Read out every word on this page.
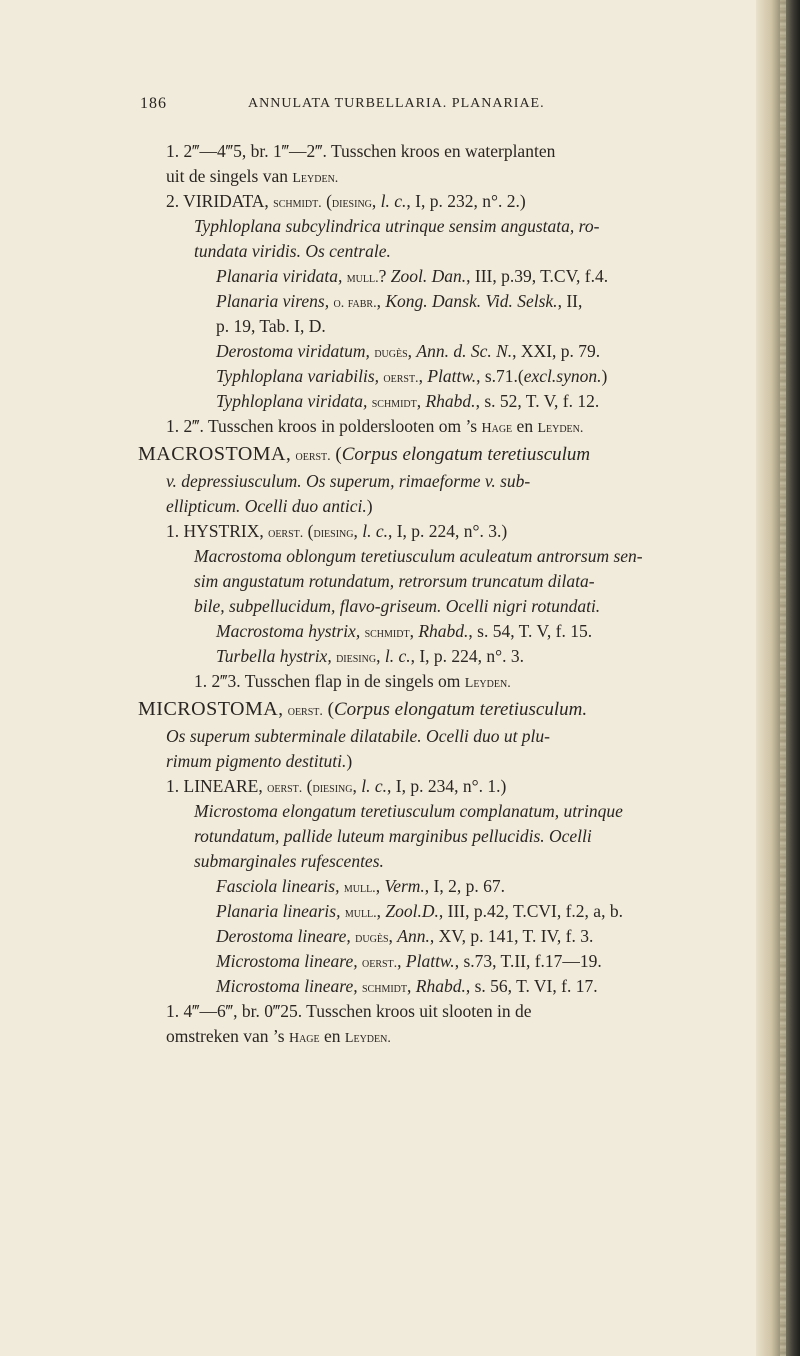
186	ANNULATA TURBELLARIA. PLANARIAE.
1. 2‴—4‴5, br. 1‴—2‴. Tusschen kroos en waterplanten
uit de singels van Leyden.
2. VIRIDATA, schmidt. (diesing, l. c., I, p. 232, n°. 2.)
Typhloplana subcylindrica utrinque sensim angustata, ro-
tundata viridis. Os centrale.
Planaria viridata, mull.? Zool. Dan., III, p.39, T.CV, f.4.
Planaria virens, o. fabr., Kong. Dansk. Vid. Selsk., II,
p. 19, Tab. I, D.
Derostoma viridatum, dugès, Ann. d. Sc. N., XXI, p. 79.
Typhloplana variabilis, oerst., Plattw., s.71.(excl.synon.)
Typhloplana viridata, schmidt, Rhabd., s. 52, T. V, f. 12.
1. 2‴. Tusschen kroos in polderslooten om ’s Hage en Leyden.
MACROSTOMA, oerst. (Corpus elongatum teretiusculum
v. depressiusculum. Os superum, rimaeforme v. sub-
ellipticum. Ocelli duo antici.)
1. HYSTRIX, oerst. (diesing, l. c., I, p. 224, n°. 3.)
Macrostoma oblongum teretiusculum aculeatum antrorsum sen-
sim angustatum rotundatum, retrorsum truncatum dilata-
bile, subpellucidum, flavo-griseum. Ocelli nigri rotundati.
Macrostoma hystrix, schmidt, Rhabd., s. 54, T. V, f. 15.
Turbella hystrix, diesing, l. c., I, p. 224, n°. 3.
1. 2‴3. Tusschen flap in de singels om Leyden.
MICROSTOMA, oerst. (Corpus elongatum teretiusculum.
Os superum subterminale dilatabile. Ocelli duo ut plu-
rimum pigmento destituti.)
1. LINEARE, oerst. (diesing, l. c., I, p. 234, n°. 1.)
Microstoma elongatum teretiusculum complanatum, utrinque
rotundatum, pallide luteum marginibus pellucidis. Ocelli
submarginales rufescentes.
Fasciola linearis, mull., Verm., I, 2, p. 67.
Planaria linearis, mull., Zool.D., III, p.42, T.CVI, f.2, a, b.
Derostoma lineare, dugès, Ann., XV, p. 141, T. IV, f. 3.
Microstoma lineare, oerst., Plattw., s.73, T.II, f.17—19.
Microstoma lineare, schmidt, Rhabd., s. 56, T. VI, f. 17.
1. 4‴—6‴, br. 0‴25. Tusschen kroos uit slooten in de
omstreken van ’s Hage en Leyden.
